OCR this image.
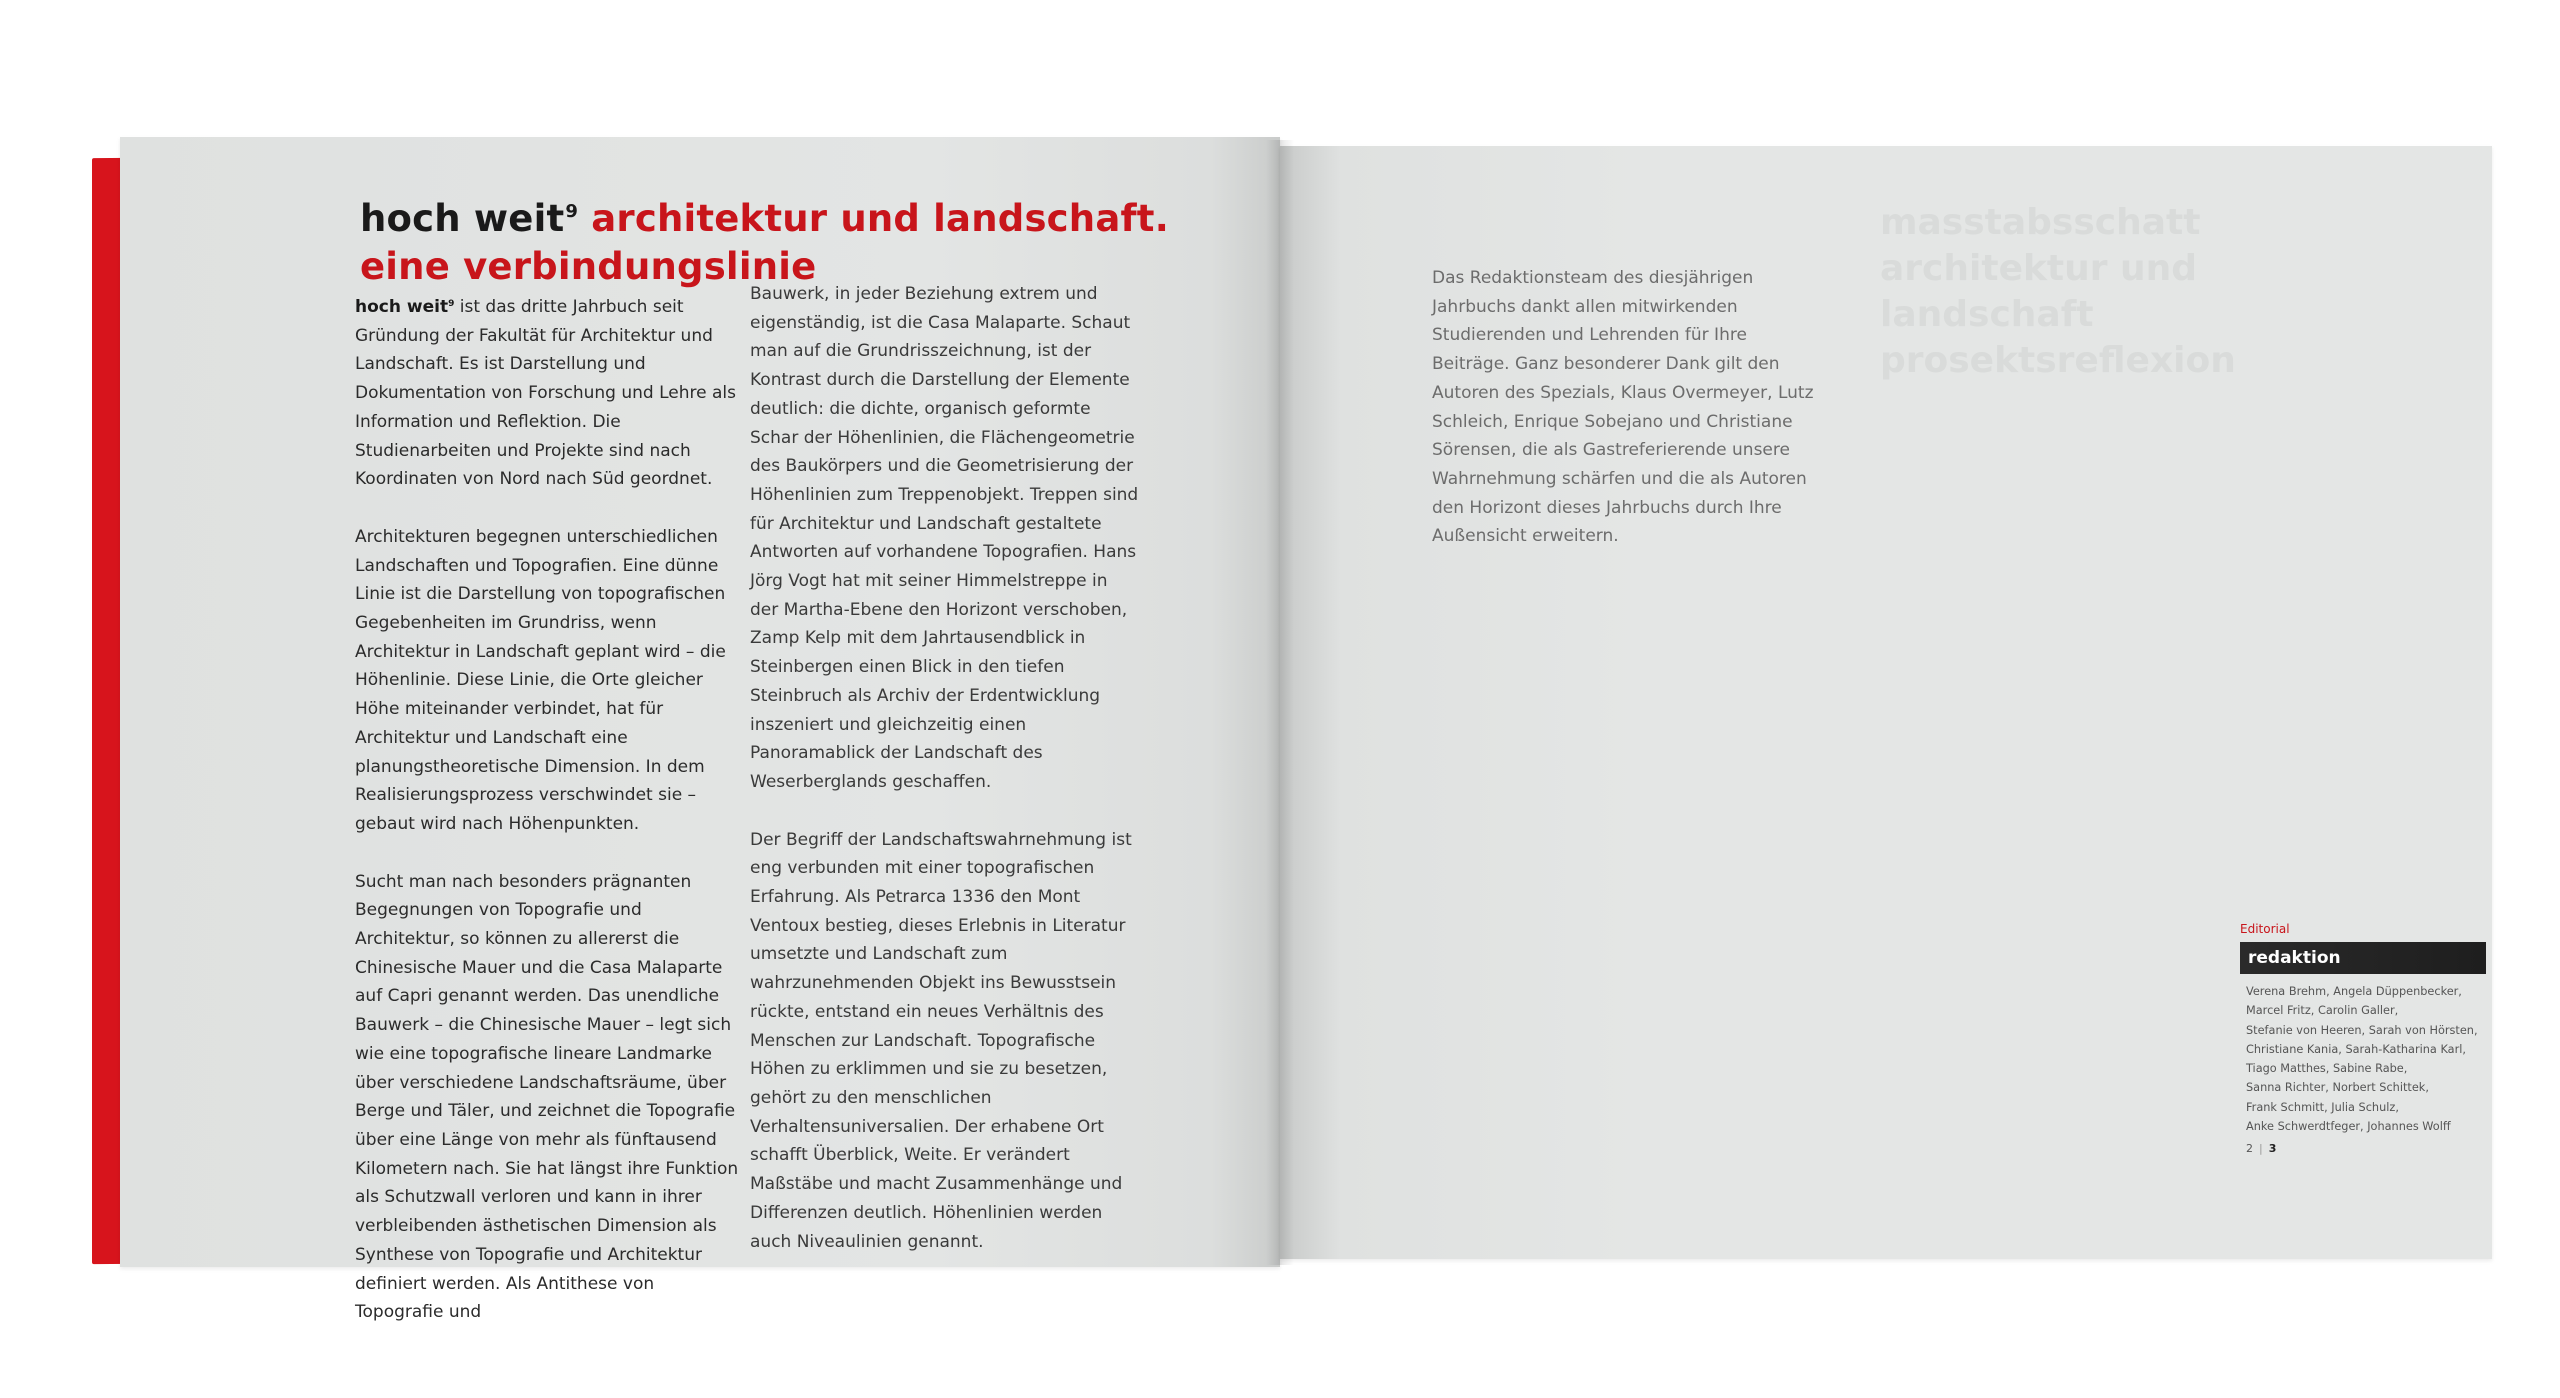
hoch weit$^9$ architektur und landschaft.
eine verbindungslinie

hoch weit$^9$ ist das dritte Jahrbuch seit Gründung der Fakultät für Architektur und Landschaft. Es ist Darstellung und Dokumentation von Forschung und Lehre als Information und Reflektion. Die Studienarbeiten und Projekte sind nach Koordinaten von Nord nach Süd geordnet.

Architekturen begegnen unterschiedlichen Landschaften und Topografien. Eine dünne Linie ist die Darstellung von topografischen Gegebenheiten im Grundriss, wenn Architektur in Landschaft geplant wird – die Höhenlinie. Diese Linie, die Orte gleicher Höhe miteinander verbindet, hat für Architektur und Landschaft eine planungstheoretische Dimension. In dem Realisierungsprozess verschwindet sie – gebaut wird nach Höhenpunkten.

Sucht man nach besonders prägnanten Begegnungen von Topografie und Architektur, so können zu allererst die Chinesische Mauer und die Casa Malaparte auf Capri genannt werden. Das unendliche Bauwerk – die Chinesische Mauer – legt sich wie eine topografische lineare Landmarke über verschiedene Landschaftsräume, über Berge und Täler, und zeichnet die Topografie über eine Länge von mehr als fünftausend Kilometern nach. Sie hat längst ihre Funktion als Schutzwall verloren und kann in ihrer verbleibenden ästhetischen Dimension als Synthese von Topografie und Architektur definiert werden. Als Antithese von Topografie und

Bauwerk, in jeder Beziehung extrem und eigenständig, ist die Casa Malaparte. Schaut man auf die Grundrisszeichnung, ist der Kontrast durch die Darstellung der Elemente deutlich: die dichte, organisch geformte Schar der Höhenlinien, die Flächengeometrie des Baukörpers und die Geometrisierung der Höhenlinien zum Treppenobjekt. Treppen sind für Architektur und Landschaft gestaltete Antworten auf vorhandene Topografien. Hans Jörg Vogt hat mit seiner Himmelstreppe in der Martha-Ebene den Horizont verschoben, Zamp Kelp mit dem Jahrtausendblick in Steinbergen einen Blick in den tiefen Steinbruch als Archiv der Erdentwicklung inszeniert und gleichzeitig einen Panoramablick der Landschaft des Weserberglands geschaffen.

Der Begriff der Landschaftswahrnehmung ist eng verbunden mit einer topografischen Erfahrung. Als Petrarca 1336 den Mont Ventoux bestieg, dieses Erlebnis in Literatur umsetzte und Landschaft zum wahrzunehmenden Objekt ins Bewusstsein rückte, entstand ein neues Verhältnis des Menschen zur Landschaft. Topografische Höhen zu erklimmen und sie zu besetzen, gehört zu den menschlichen Verhaltensuniversalien. Der erhabene Ort schafft Überblick, Weite. Er verändert Maßstäbe und macht Zusammenhänge und Differenzen deutlich. Höhenlinien werden auch Niveaulinien genannt.

masstabsschatt architektur und landschaft prosektsreflexion

Das Redaktionsteam des diesjährigen Jahrbuchs dankt allen mitwirkenden Studierenden und Lehrenden für Ihre Beiträge. Ganz besonderer Dank gilt den Autoren des Spezials, Klaus Overmeyer, Lutz Schleich, Enrique Sobejano und Christiane Sörensen, die als Gastreferierende unsere Wahrnehmung schärfen und die als Autoren den Horizont dieses Jahrbuchs durch Ihre Außensicht erweitern.

Editorial
redaktion
Verena Brehm, Angela Düppenbecker,
Marcel Fritz, Carolin Galler,
Stefanie von Heeren, Sarah von Hörsten,
Christiane Kania, Sarah-Katharina Karl,
Tiago Matthes, Sabine Rabe,
Sanna Richter, Norbert Schittek,
Frank Schmitt, Julia Schulz,
Anke Schwerdtfeger, Johannes Wolff
2 | 3
